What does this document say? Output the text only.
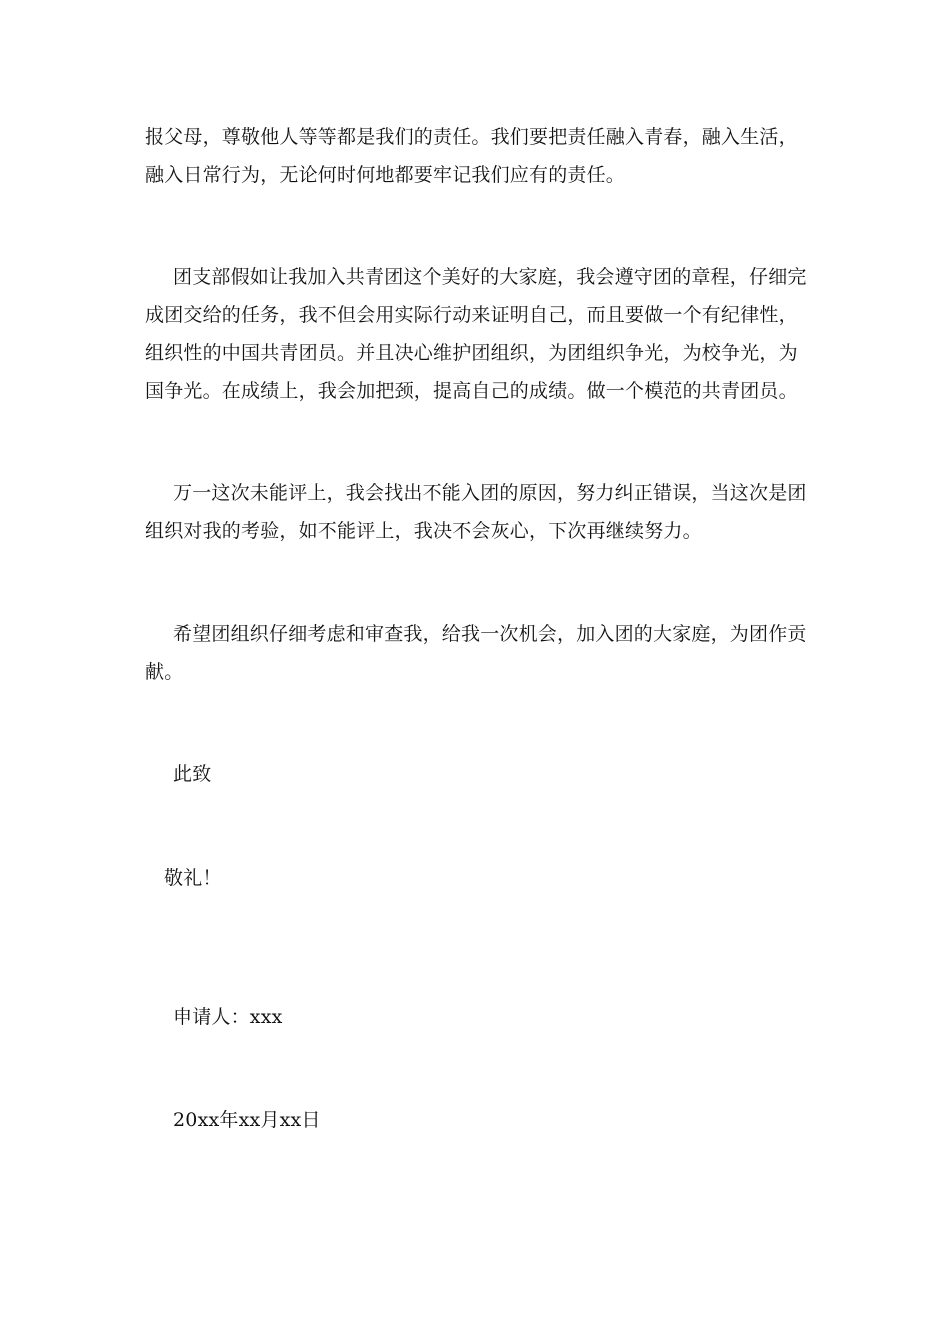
报父母，尊敬他人等等都是我们的责任。我们要把责任融入青春，融入生活，
融入日常行为，无论何时何地都要牢记我们应有的责任。
团支部假如让我加入共青团这个美好的大家庭，我会遵守团的章程，仔细完
成团交给的任务，我不但会用实际行动来证明自己，而且要做一个有纪律性，
组织性的中国共青团员。并且决心维护团组织，为团组织争光，为校争光，为
国争光。在成绩上，我会加把颈，提高自己的成绩。做一个模范的共青团员。
万一这次未能评上，我会找出不能入团的原因，努力纠正错误，当这次是团
组织对我的考验，如不能评上，我决不会灰心，下次再继续努力。
希望团组织仔细考虑和审查我，给我一次机会，加入团的大家庭，为团作贡
献。
此致
敬礼！
申请人：xxx
20xx年xx月xx日
